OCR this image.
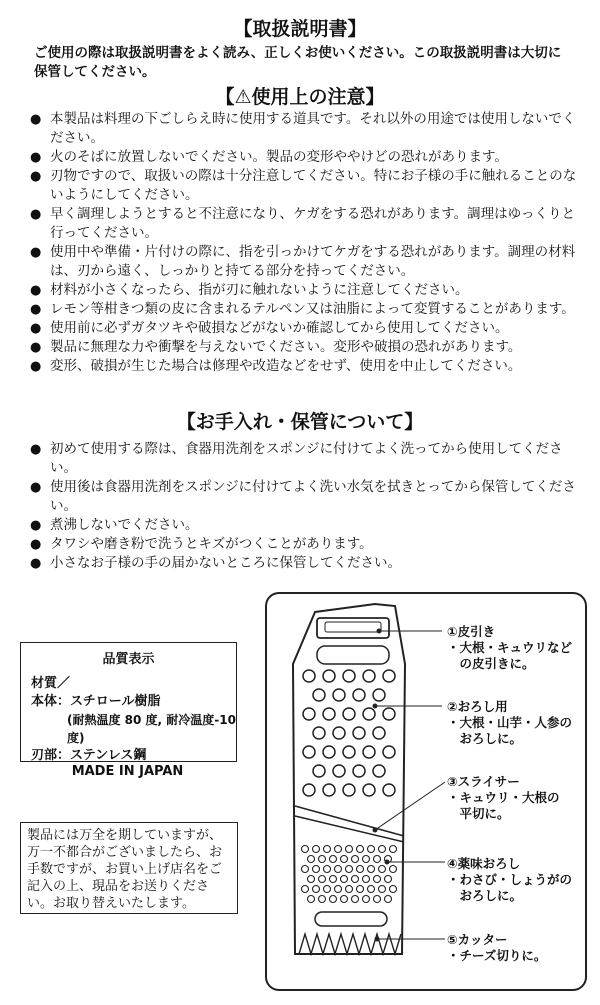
【取扱説明書】
ご使用の際は取扱説明書をよく読み、正しくお使いください。この取扱説明書は大切に保管してください。
【⚠使用上の注意】
● 本製品は料理の下ごしらえ時に使用する道具です。それ以外の用途では使用しないでください。
● 火のそばに放置しないでください。製品の変形ややけどの恐れがあります。
● 刃物ですので、取扱いの際は十分注意してください。特にお子様の手に触れることのないようにしてください。
● 早く調理しようとすると不注意になり、ケガをする恐れがあります。調理はゆっくりと行ってください。
● 使用中や準備・片付けの際に、指を引っかけてケガをする恐れがあります。調理の材料は、刃から遠く、しっかりと持てる部分を持ってください。
● 材料が小さくなったら、指が刃に触れないように注意してください。
● レモン等柑きつ類の皮に含まれるテルペン又は油脂によって変質することがあります。
● 使用前に必ずガタツキや破損などがないか確認してから使用してください。
● 製品に無理な力や衝撃を与えないでください。変形や破損の恐れがあります。
● 変形、破損が生じた場合は修理や改造などをせず、使用を中止してください。
【お手入れ・保管について】
● 初めて使用する際は、食器用洗剤をスポンジに付けてよく洗ってから使用してください。
● 使用後は食器用洗剤をスポンジに付けてよく洗い水気を拭きとってから保管してください。
● 煮沸しないでください。
● タワシや磨き粉で洗うとキズがつくことがあります。
● 小さなお子様の手の届かないところに保管してください。
品質表示
材質／
本体：スチロール樹脂
(耐熱温度 80 度, 耐冷温度-10 度)
刃部：ステンレス鋼
MADE IN JAPAN
製品には万全を期していますが、万一不都合がございましたら、お手数ですが、お買い上げ店名をご記入の上、現品をお送りください。お取り替えいたします。
①皮引き
・大根・キュウリなど
　の皮引きに。
②おろし用
・大根・山芋・人参の
　おろしに。
③スライサー
・キュウリ・大根の
　平切に。
④薬味おろし
・わさび・しょうがの
　おろしに。
⑤カッター
・チーズ切りに。
